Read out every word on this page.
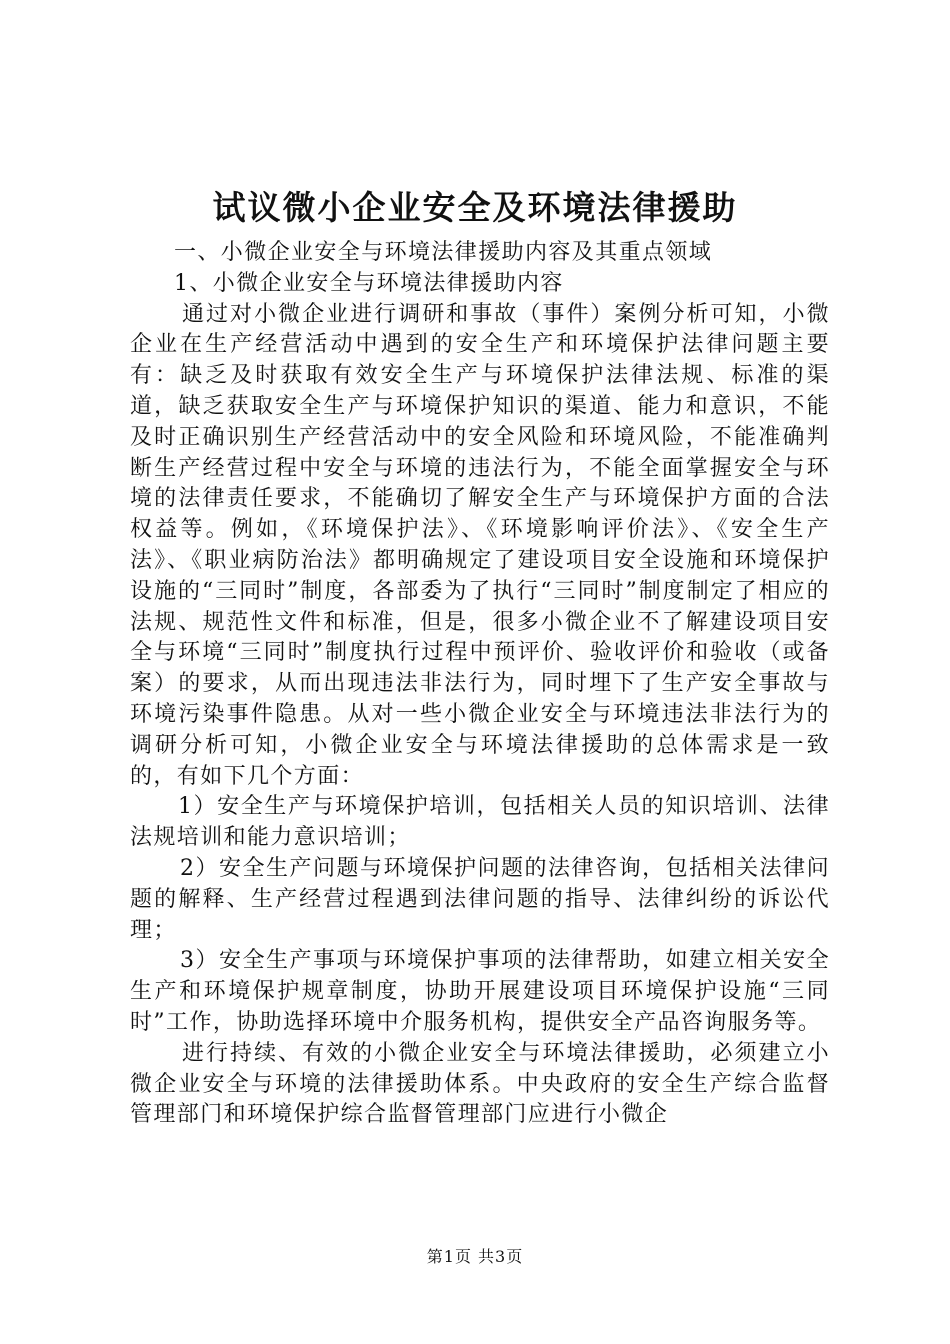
试议微小企业安全及环境法律援助

一、小微企业安全与环境法律援助内容及其重点领域

1、小微企业安全与环境法律援助内容

通过对小微企业进行调研和事故（事件）案例分析可知，小微企业在生产经营活动中遇到的安全生产和环境保护法律问题主要有：缺乏及时获取有效安全生产与环境保护法律法规、标准的渠道，缺乏获取安全生产与环境保护知识的渠道、能力和意识，不能及时正确识别生产经营活动中的安全风险和环境风险，不能准确判断生产经营过程中安全与环境的违法行为，不能全面掌握安全与环境的法律责任要求，不能确切了解安全生产与环境保护方面的合法权益等。例如，《环境保护法》、《环境影响评价法》、《安全生产法》、《职业病防治法》都明确规定了建设项目安全设施和环境保护设施的“三同时”制度，各部委为了执行“三同时”制度制定了相应的法规、规范性文件和标准，但是，很多小微企业不了解建设项目安全与环境“三同时”制度执行过程中预评价、验收评价和验收（或备案）的要求，从而出现违法非法行为，同时埋下了生产安全事故与环境污染事件隐患。从对一些小微企业安全与环境违法非法行为的调研分析可知，小微企业安全与环境法律援助的总体需求是一致的，有如下几个方面：

1）安全生产与环境保护培训，包括相关人员的知识培训、法律法规培训和能力意识培训；

2）安全生产问题与环境保护问题的法律咨询，包括相关法律问题的解释、生产经营过程遇到法律问题的指导、法律纠纷的诉讼代理；

3）安全生产事项与环境保护事项的法律帮助，如建立相关安全生产和环境保护规章制度，协助开展建设项目环境保护设施“三同时”工作，协助选择环境中介服务机构，提供安全产品咨询服务等。

进行持续、有效的小微企业安全与环境法律援助，必须建立小微企业安全与环境的法律援助体系。中央政府的安全生产综合监督管理部门和环境保护综合监督管理部门应进行小微企

第1页 共3页
